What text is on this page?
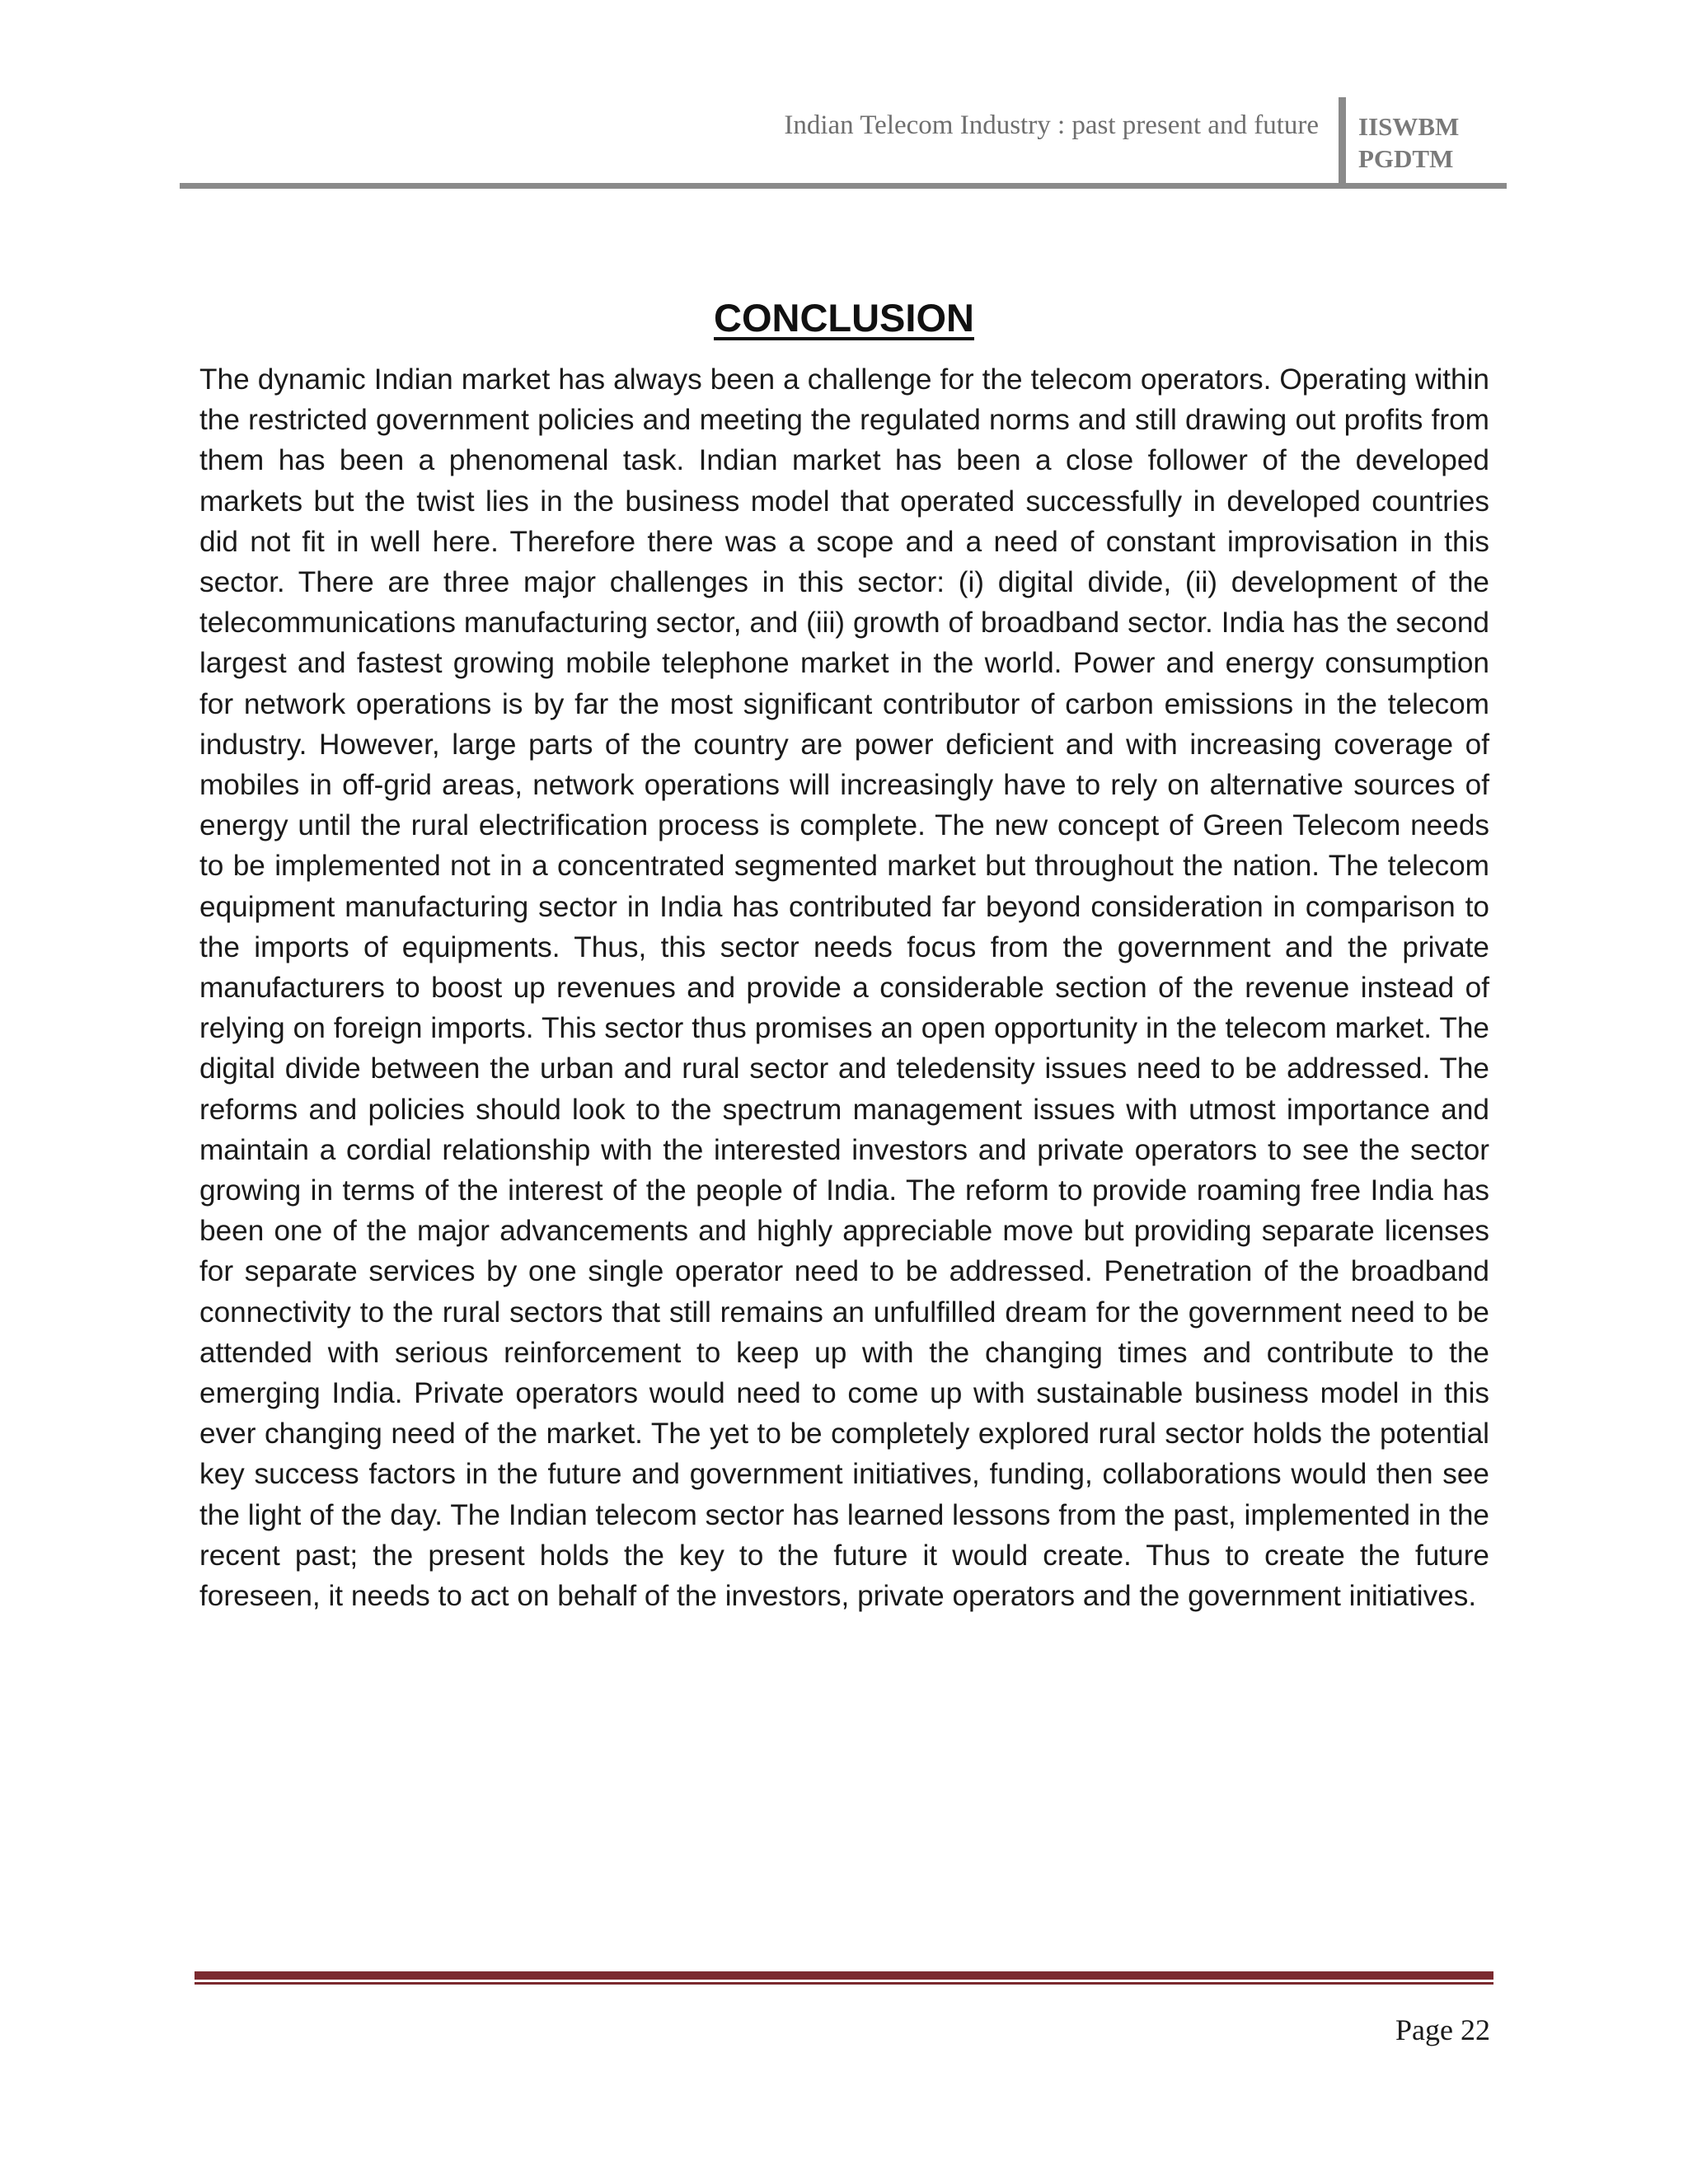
Indian Telecom Industry : past present and future IISWBM
PGDTM
CONCLUSION

The dynamic Indian market has always been a challenge for the telecom operators. Operating within the restricted government policies and meeting the regulated norms and still drawing out profits from them has been a phenomenal task. Indian market has been a close follower of the developed markets but the twist lies in the business model that operated successfully in developed countries did not fit in well here. Therefore there was a scope and a need of constant improvisation in this sector. There are three major challenges in this sector: (i) digital divide, (ii) development of the telecommunications manufacturing sector, and (iii) growth of broadband sector. India has the second largest and fastest growing mobile telephone market in the world. Power and energy consumption for network operations is by far the most significant contributor of carbon emissions in the telecom industry. However, large parts of the country are power deficient and with increasing coverage of mobiles in off-grid areas, network operations will increasingly have to rely on alternative sources of energy until the rural electrification process is complete. The new concept of Green Telecom needs to be implemented not in a concentrated segmented market but throughout the nation. The telecom equipment manufacturing sector in India has contributed far beyond consideration in comparison to the imports of equipments. Thus, this sector needs focus from the government and the private manufacturers to boost up revenues and provide a considerable section of the revenue instead of relying on foreign imports. This sector thus promises an open opportunity in the telecom market. The digital divide between the urban and rural sector and teledensity issues need to be addressed. The reforms and policies should look to the spectrum management issues with utmost importance and maintain a cordial relationship with the interested investors and private operators to see the sector growing in terms of the interest of the people of India. The reform to provide roaming free India has been one of the major advancements and highly appreciable move but providing separate licenses for separate services by one single operator need to be addressed. Penetration of the broadband connectivity to the rural sectors that still remains an unfulfilled dream for the government need to be attended with serious reinforcement to keep up with the changing times and contribute to the emerging India. Private operators would need to come up with sustainable business model in this ever changing need of the market. The yet to be completely explored rural sector holds the potential key success factors in the future and government initiatives, funding, collaborations would then see the light of the day. The Indian telecom sector has learned lessons from the past, implemented in the recent past; the present holds the key to the future it would create. Thus to create the future foreseen, it needs to act on behalf of the investors, private operators and the government initiatives.

Page 22
